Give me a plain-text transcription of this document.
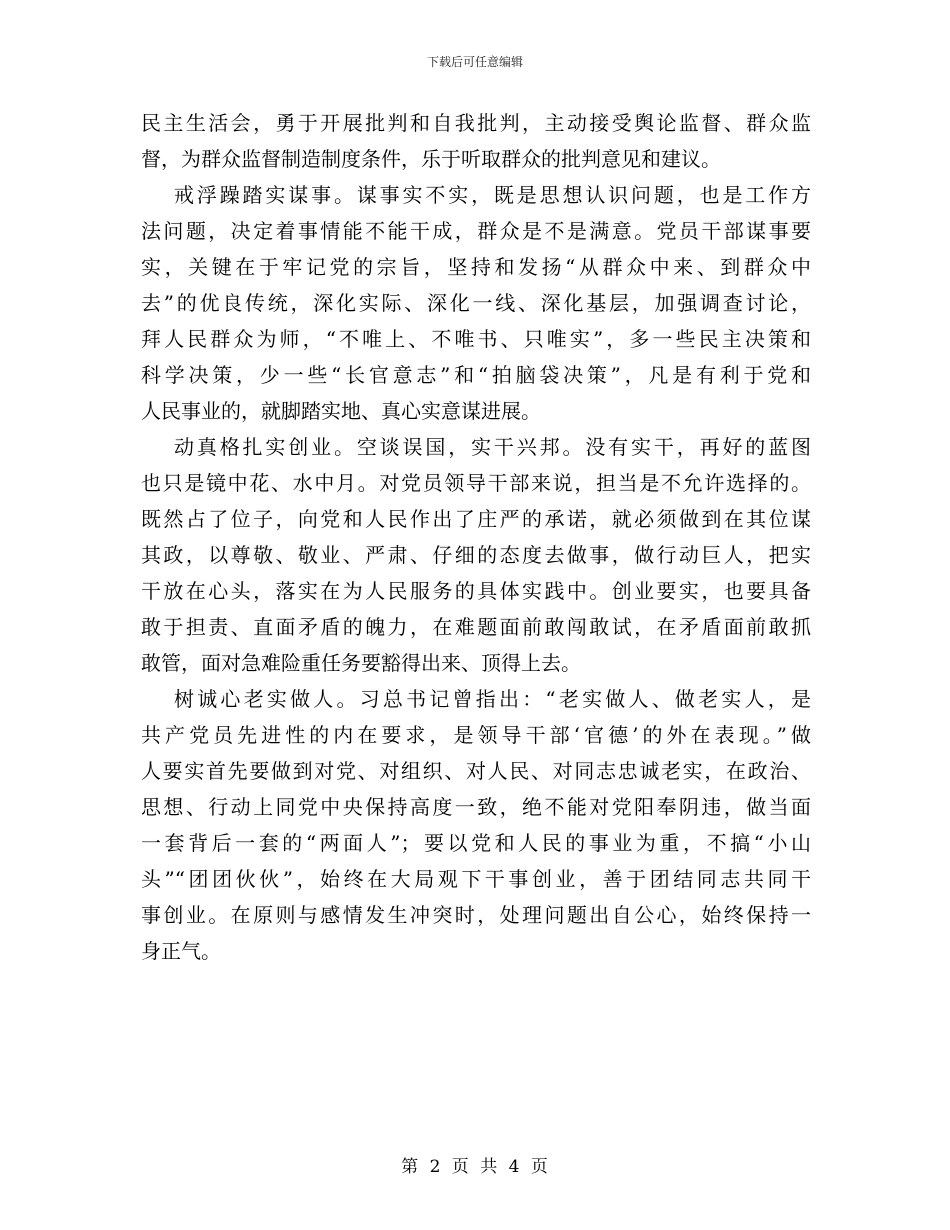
下载后可任意编辑
民主生活会，勇于开展批判和自我批判，主动接受舆论监督、群众监
督，为群众监督制造制度条件，乐于听取群众的批判意见和建议。
戒浮躁踏实谋事。谋事实不实，既是思想认识问题，也是工作方
法问题，决定着事情能不能干成，群众是不是满意。党员干部谋事要
实，关键在于牢记党的宗旨，坚持和发扬“从群众中来、到群众中
去”的优良传统，深化实际、深化一线、深化基层，加强调查讨论，
拜人民群众为师，“不唯上、不唯书、只唯实”，多一些民主决策和
科学决策，少一些“长官意志”和“拍脑袋决策”，凡是有利于党和
人民事业的，就脚踏实地、真心实意谋进展。
动真格扎实创业。空谈误国，实干兴邦。没有实干，再好的蓝图
也只是镜中花、水中月。对党员领导干部来说，担当是不允许选择的。
既然占了位子，向党和人民作出了庄严的承诺，就必须做到在其位谋
其政，以尊敬、敬业、严肃、仔细的态度去做事，做行动巨人，把实
干放在心头，落实在为人民服务的具体实践中。创业要实，也要具备
敢于担责、直面矛盾的魄力，在难题面前敢闯敢试，在矛盾面前敢抓
敢管，面对急难险重任务要豁得出来、顶得上去。
树诚心老实做人。习总书记曾指出：“老实做人、做老实人，是
共产党员先进性的内在要求，是领导干部‘官德’的外在表现。”做
人要实首先要做到对党、对组织、对人民、对同志忠诚老实，在政治、
思想、行动上同党中央保持高度一致，绝不能对党阳奉阴违，做当面
一套背后一套的“两面人”；要以党和人民的事业为重，不搞“小山
头”“团团伙伙”，始终在大局观下干事创业，善于团结同志共同干
事创业。在原则与感情发生冲突时，处理问题出自公心，始终保持一
身正气。
第 2 页 共 4 页
